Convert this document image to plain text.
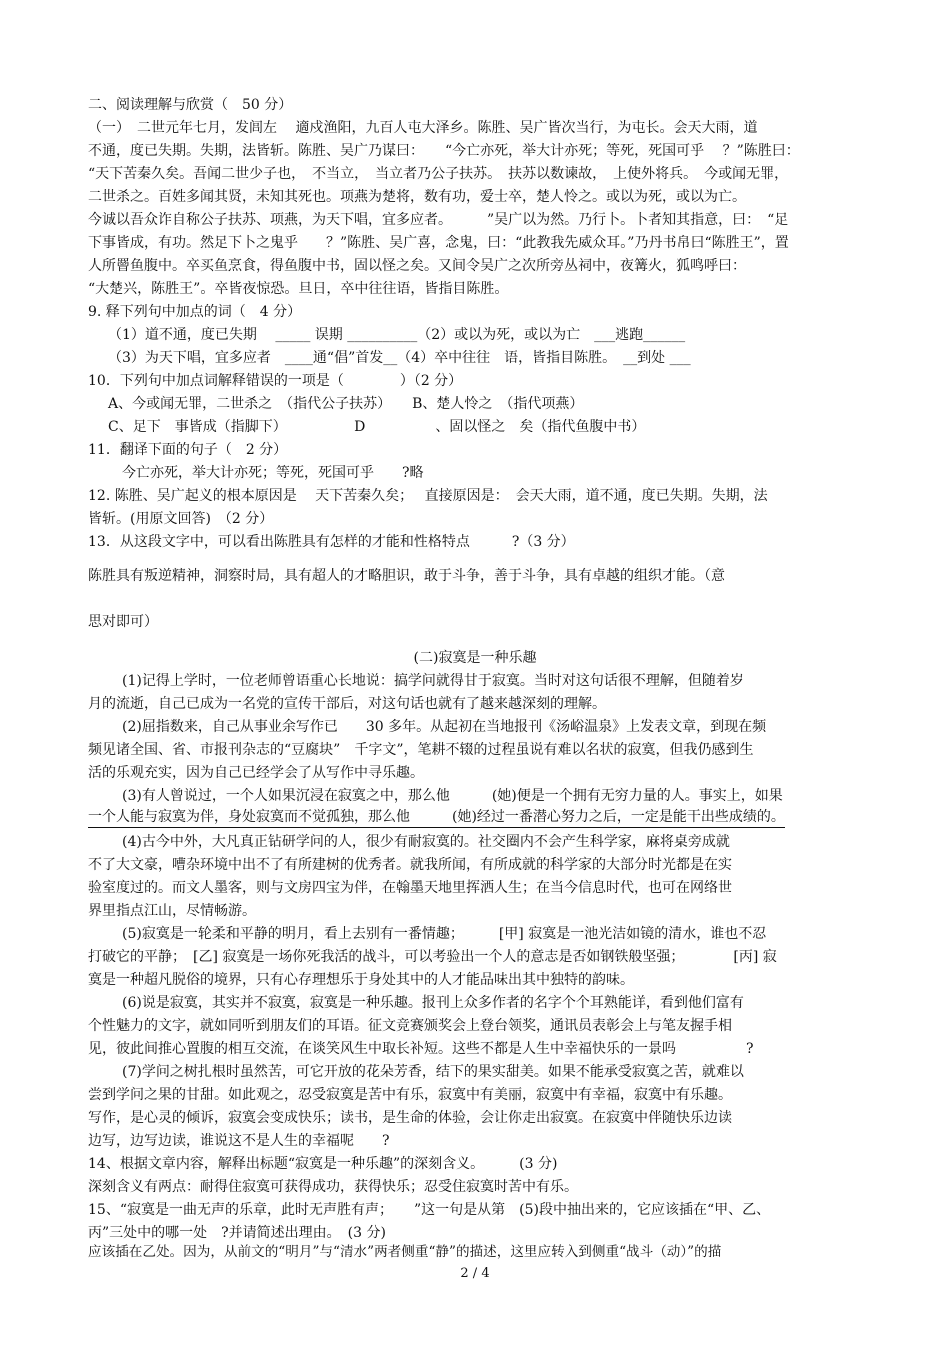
二、阅读理解与欣赏（　50 分）
（一）　二世元年七月，发闾左　 適戍渔阳，九百人屯大泽乡。陈胜、吴广皆次当行，为屯长。会天大雨，道
不通，度已失期。失期，法皆斩。陈胜、吴广乃谋曰：　　“今亡亦死，举大计亦死；等死，死国可乎　 ？”陈胜曰：
“天下苦秦久矣。吾闻二世少子也，　不当立，　当立者乃公子扶苏。　扶苏以数谏故，　上使外将兵。　今或闻无罪，
二世杀之。百姓多闻其贤，未知其死也。项燕为楚将，数有功，爱士卒，楚人怜之。或以为死，或以为亡。
今诚以吾众诈自称公子扶苏、项燕，为天下唱，宜多应者。　　　”吴广以为然。乃行卜。卜者知其指意，曰：　“足
下事皆成，有功。然足下卜之鬼乎　　？”陈胜、吴广喜，念鬼，曰：“此教我先威众耳。”乃丹书帛曰“陈胜王”，置
人所罾鱼腹中。卒买鱼烹食，得鱼腹中书，固以怪之矣。又间令吴广之次所旁丛祠中，夜篝火，狐鸣呼曰：
“大楚兴，陈胜王”。卒皆夜惊恐。旦日，卒中往往语，皆指目陈胜。
9. 释下列句中加点的词（　4 分）
（1）道不通，度已失期　 _____ 误期 __________（2）或以为死，或以为亡　___逃跑______
（3）为天下唱，宜多应者　____通“倡”首发__（4）卒中往往　语，皆指目陈胜。　__到处 ___
10．下列句中加点词解释错误的一项是（　　　　）（2 分）
A、今或闻无罪，二世杀之　（指代公子扶苏）　　B、楚人怜之　（指代项燕）
C、足下　事皆成（指脚下）　　　　　 D　　　　　、固以怪之　矣（指代鱼腹中书）
11．翻译下面的句子（　2 分）
今亡亦死，举大计亦死；等死，死国可乎　　?略
12. 陈胜、吴广起义的根本原因是　 天下苦秦久矣；　 直接原因是：　会天大雨，道不通，度已失期。失期，法
皆斩。(用原文回答)　（2 分）
13．从这段文字中，可以看出陈胜具有怎样的才能和性格特点　　　?（3 分）
陈胜具有叛逆精神，洞察时局，具有超人的才略胆识，敢于斗争，善于斗争，具有卓越的组织才能。（意
思对即可）
(二)寂寞是一种乐趣
(1)记得上学时，一位老师曾语重心长地说：搞学问就得甘于寂寞。当时对这句话很不理解，但随着岁
月的流逝，自己已成为一名党的宣传干部后，对这句话也就有了越来越深刻的理解。
(2)屈指数来，自己从事业余写作已　　30 多年。从起初在当地报刊《汤峪温泉》上发表文章，到现在频
频见诸全国、省、市报刊杂志的“豆腐块”　千字文”，笔耕不辍的过程虽说有难以名状的寂寞，但我仍感到生
活的乐观充实，因为自己已经学会了从写作中寻乐趣。
(3)有人曾说过，一个人如果沉浸在寂寞之中，那么他　　　(她)便是一个拥有无穷力量的人。事实上，如果
一个人能与寂寞为伴，身处寂寞而不觉孤独，那么他　　　(她)经过一番潜心努力之后，一定是能干出些成绩的。
(4)古今中外，大凡真正钻研学问的人，很少有耐寂寞的。社交圈内不会产生科学家，麻将桌旁成就
不了大文豪，嘈杂环境中出不了有所建树的优秀者。就我所闻，有所成就的科学家的大部分时光都是在实
验室度过的。而文人墨客，则与文房四宝为伴，在翰墨天地里挥洒人生；在当今信息时代，也可在网络世
界里指点江山，尽情畅游。
(5)寂寞是一轮柔和平静的明月，看上去别有一番情趣；　　　[甲] 寂寞是一池光洁如镜的清水，谁也不忍
打破它的平静；　[乙] 寂寞是一场你死我活的战斗，可以考验出一个人的意志是否如钢铁般坚强；　　　　[丙] 寂
寞是一种超凡脱俗的境界，只有心存理想乐于身处其中的人才能品味出其中独特的韵味。
(6)说是寂寞，其实并不寂寞，寂寞是一种乐趣。报刊上众多作者的名字个个耳熟能详，看到他们富有
个性魅力的文字，就如同听到朋友们的耳语。征文竞赛颁奖会上登台领奖，通讯员表彰会上与笔友握手相
见，彼此间推心置腹的相互交流，在谈笑风生中取长补短。这些不都是人生中幸福快乐的一景吗　　　　　?
(7)学问之树扎根时虽然苦，可它开放的花朵芳香，结下的果实甜美。如果不能承受寂寞之苦，就难以
尝到学问之果的甘甜。如此观之，忍受寂寞是苦中有乐，寂寞中有美丽，寂寞中有幸福，寂寞中有乐趣。
写作，是心灵的倾诉，寂寞会变成快乐；读书，是生命的体验，会让你走出寂寞。在寂寞中伴随快乐边读
边写，边写边读，谁说这不是人生的幸福呢　　?
14、根据文章内容，解释出标题“寂寞是一种乐趣”的深刻含义。　　　(3 分)
深刻含义有两点：耐得住寂寞可获得成功，获得快乐；忍受住寂寞时苦中有乐。
15、“寂寞是一曲无声的乐章，此时无声胜有声；　　”这一句是从第　(5)段中抽出来的，它应该插在“甲、乙、
丙”三处中的哪一处　?并请简述出理由。　(3 分)
应该插在乙处。因为，从前文的“明月”与“清水”两者侧重“静”的描述，这里应转入到侧重“战斗（动）”的描
2 / 4
